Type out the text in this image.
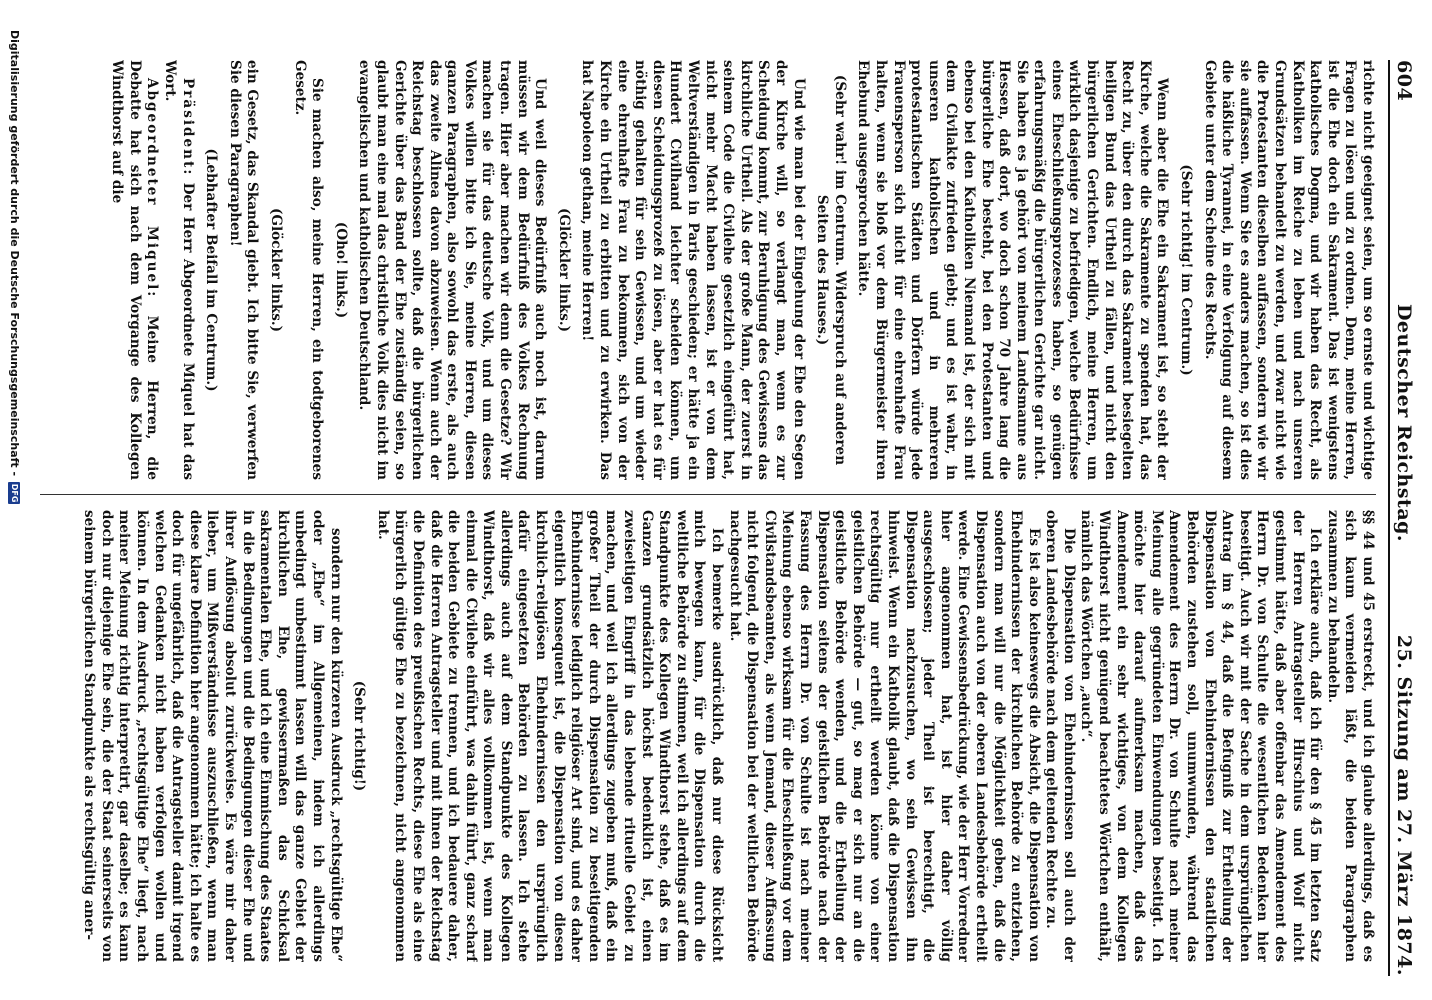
604
Deutscher Reichstag.
25. Sitzung am 27. März 1874.

richte nicht geeignet seien, um so ernste und wichtige Fragen zu lösen und zu ordnen. Denn, meine Herren, ist die Ehe doch ein Sakrament. Das ist wenigstens katholisches Dogma, und wir haben das Recht, als Katholiken im Reiche zu leben und nach unseren Grundsätzen behandelt zu werden, und zwar nicht wie die Protestanten dieselben auffassen, sondern wie wir sie auffassen. Wenn Sie es anders machen, so ist dies die häßliche Tyrannei, in eine Verfolgung auf diesem Gebiete unter dem Scheine des Rechts.

(Sehr richtig! im Centrum.)

Wenn aber die Ehe ein Sakrament ist, so steht der Kirche, welche die Sakramente zu spenden hat, das Recht zu, über den durch das Sakrament besiegelten heiligen Bund das Urtheil zu fällen, und nicht den bürgerlichen Gerichten. Endlich, meine Herren, um wirklich dasjenige zu befriedigen, welche Bedürfnisse eines Eheschließungsprozesses haben, so genügen erfahrungsmäßig die bürgerlichen Gerichte gar nicht. Sie haben es ja gehört von meinem Landsmanne aus Hessen, daß dort, wo doch schon 70 Jahre lang die bürgerliche Ehe besteht, bei den Protestanten und ebenso bei den Katholiken Niemand ist, der sich mit dem Civilakte zufrieden giebt; und es ist wahr, in unseren katholischen und in mehreren protestantischen Städten und Dörfern würde jede Frauensperson sich nicht für eine ehrenhafte Frau halten, wenn sie bloß vor dem Bürgermeister ihren Ehebund ausgesprochen hätte.

(Sehr wahr! im Centrum. Widerspruch auf anderen Seiten des Hauses.)

Und wie man bei der Eingehung der Ehe den Segen der Kirche will, so verlangt man, wenn es zur Scheidung kommt, zur Beruhigung des Gewissens das kirchliche Urtheil. Als der große Mann, der zuerst in seinem Code die Civilehe gesetzlich eingeführt hat, nicht mehr Macht haben lassen, ist er von dem Weltverständigen in Paris geschieden; er hätte ja ein Hundert Civilhand leichter scheiden können, um diesen Scheidungsprozeß zu lösen, aber er hat es für nöthig gehalten für sein Gewissen, und um wieder eine ehrenhafte Frau zu bekommen, sich von der Kirche ein Urtheil zu erbitten und zu erwirken. Das hat Napoleon gethan, meine Herren!

(Glöckler links.)

Und weil dieses Bedürfniß auch noch ist, darum müssen wir dem Bedürfniß des Volkes Rechnung tragen. Hier aber machen wir denn die Gesetze? Wir machen sie für das deutsche Volk, und um dieses Volkes willen bitte ich Sie, meine Herren, diesen ganzen Paragraphen, also sowohl das erste, als auch das zweite Alinea davon abzuweisen. Wenn auch der Reichstag beschlossen sollte, daß die bürgerlichen Gerichte über das Band der Ehe zuständig seien, so glaubt man eine mal das christliche Volk dies nicht im evangelischen und katholischen Deutschland.

(Oho! links.)

Sie machen also, meine Herren, ein todtgeborenes Gesetz.

(Glöckler links.)

ein Gesetz, das Skandal giebt. Ich bitte Sie, verwerfen Sie diesen Paragraphen!

(Lebhafter Beifall im Centrum.)

Präsident: Der Herr Abgeordnete Miquel hat das Wort.

Abgeordneter Miquel: Meine Herren, die Debatte hat sich nach dem Vorgange des Kollegen Windthorst auf die

§§ 44 und 45 erstreckt, und ich glaube allerdings, daß es sich kaum vermeiden läßt, die beiden Paragraphen zusammen zu behandeln.

Ich erkläre auch, daß ich für den § 45 im letzten Satz der Herren Antragsteller Hirschius und Wolf nicht gestimmt hätte, daß aber offenbar das Amendement des Herrn Dr. von Schulte die wesentlichen Bedenken hier beseitigt. Auch wir mit der Sache in dem ursprünglichen Antrag im § 44, daß die Befugniß zur Ertheilung der Dispensation von Ehehindernissen den staatlichen Behörden zustehen soll, unumwunden, während das Amendement des Herrn Dr. von Schulte nach meiner Meinung alle gegründeten Einwendungen beseitigt. Ich möchte hier darauf aufmerksam machen, daß das Amendement ein sehr wichtiges, von dem Kollegen Windthorst nicht genügend beachtetes Wörtchen enthält, nämlich das Wörtchen „auch“.

Die Dispensation von Ehehindernissen soll auch der oberen Landesbehörde nach dem geltenden Rechte zu.

Es ist also keineswegs die Absicht, die Dispensation von Ehehindernissen der kirchlichen Behörde zu entziehen, sondern man will nur die Möglichkeit geben, daß die Dispensation auch von der oberen Landesbehörde ertheilt werde. Eine Gewissensbedrückung, wie der Herr Vorredner hier angenommen hat, ist hier daher völlig ausgeschlossen; jeder Theil ist berechtigt, die Dispensation nachzusuchen, wo sein Gewissen ihn hinweist. Wenn ein Katholik glaubt, daß die Dispensation rechtsgültig nur ertheilt werden könne von einer geistlichen Behörde — gut, so mag er sich nur an die geistliche Behörde wenden, und die Ertheilung der Dispensation seitens der geistlichen Behörde nach der Fassung des Herrn Dr. von Schulte ist nach meiner Meinung ebenso wirksam für die Eheschließung vor dem Civilstandsbeamten, als wenn Jemand, dieser Auffassung nicht folgend, die Dispensation bei der weltlichen Behörde nachgesucht hat.

Ich bemerke ausdrücklich, daß nur diese Rücksicht mich bewegen kann, für die Dispensation durch die weltliche Behörde zu stimmen, weil ich allerdings auf dem Standpunkte des Kollegen Windthorst stehe, daß es im Ganzen grundsätzlich höchst bedenklich ist, einen zweiseitigen Eingriff in das lebende rituelle Gebiet zu machen, und weil ich allerdings zugeben muß, daß ein großer Theil der durch Dispensation zu beseitigenden Ehehindernisse lediglich religiöser Art sind, und es daher eigentlich konsequent ist, die Dispensation von diesen kirchlich-religiösen Ehehindernissen den ursprünglich dafür eingesetzten Behörden zu lassen. Ich stehe allerdings auch auf dem Standpunkte des Kollegen Windthorst, daß wir alles vollkommen ist, wenn man einmal die Civilehe einführt, was dahin führt, ganz scharf die beiden Gebiete zu trennen, und ich bedauere daher, daß die Herren Antragsteller und mit ihnen der Reichstag die Definition des preußischen Rechts, diese Ehe als eine bürgerlich gültige Ehe zu bezeichnen, nicht angenommen hat.

(Sehr richtig!)

sondern nur den kürzeren Ausdruck „rechtsgültige Ehe“ oder „Ehe“ im Allgemeinen, indem ich allerdings unbedingt unbestimmt lassen will das ganze Gebiet der kirchlichen Ehe, gewissermaßen das Schicksal sakramentalen Ehe, und ich eine Einmischung des Staates in die Bedingungen und die Bedingungen dieser Ehe und ihrer Auflösung absolut zurückweise. Es wäre mir daher lieber, um Mißverständnisse auszuschließen, wenn man diese klare Definition hier angenommen hätte; ich halte es doch für ungefährlich, daß die Antragsteller damit irgend welchen Gedanken nicht haben verfolgen wollen und können. In dem Ausdruck „rechtsgültige Ehe“ liegt, nach meiner Meinung richtig interpretirt, gar daselbe; es kann doch nur diejenige Ehe sein, die der Staat seinerseits von seinem bürgerlichen Standpunkte als rechtsgültig aner-

Digitalisierung gefördert durch die Deutsche Forschungsgemeinschaft -
DFG
